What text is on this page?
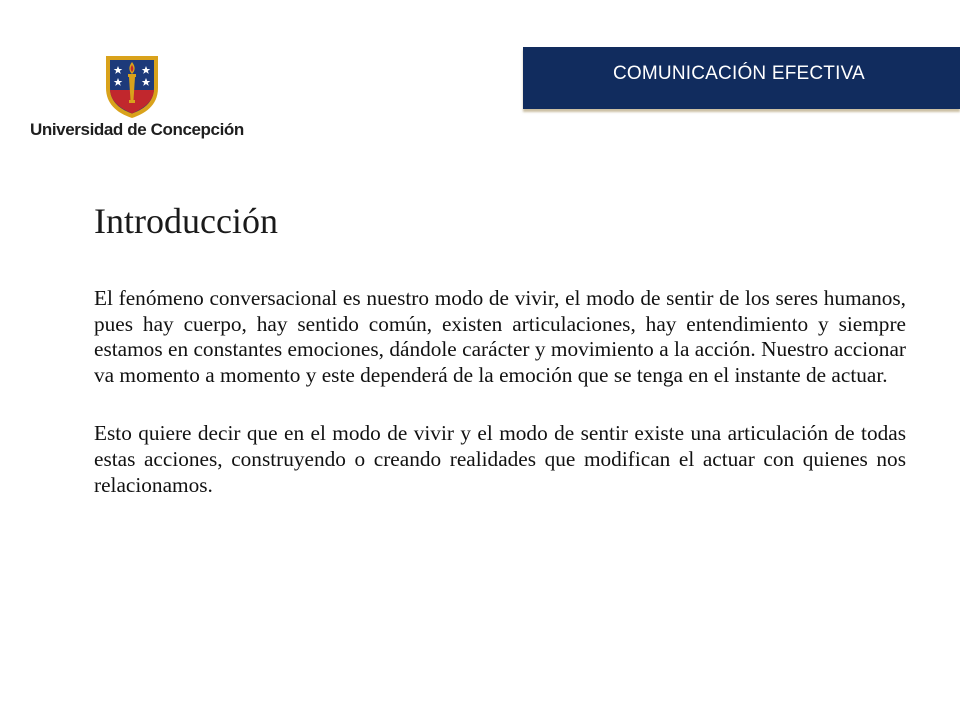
Universidad de Concepción
COMUNICACIÓN EFECTIVA
Introducción

El fenómeno conversacional es nuestro modo de vivir, el modo de sentir de los seres humanos, pues hay cuerpo, hay sentido común, existen articulaciones, hay entendimiento y siempre estamos en constantes emociones, dándole carácter y movimiento a la acción. Nuestro accionar va momento a momento y este dependerá de la emoción que se tenga en el instante de actuar.

Esto quiere decir que en el modo de vivir y el modo de sentir existe una articulación de todas estas acciones, construyendo o creando realidades que modifican el actuar con quienes nos relacionamos.
